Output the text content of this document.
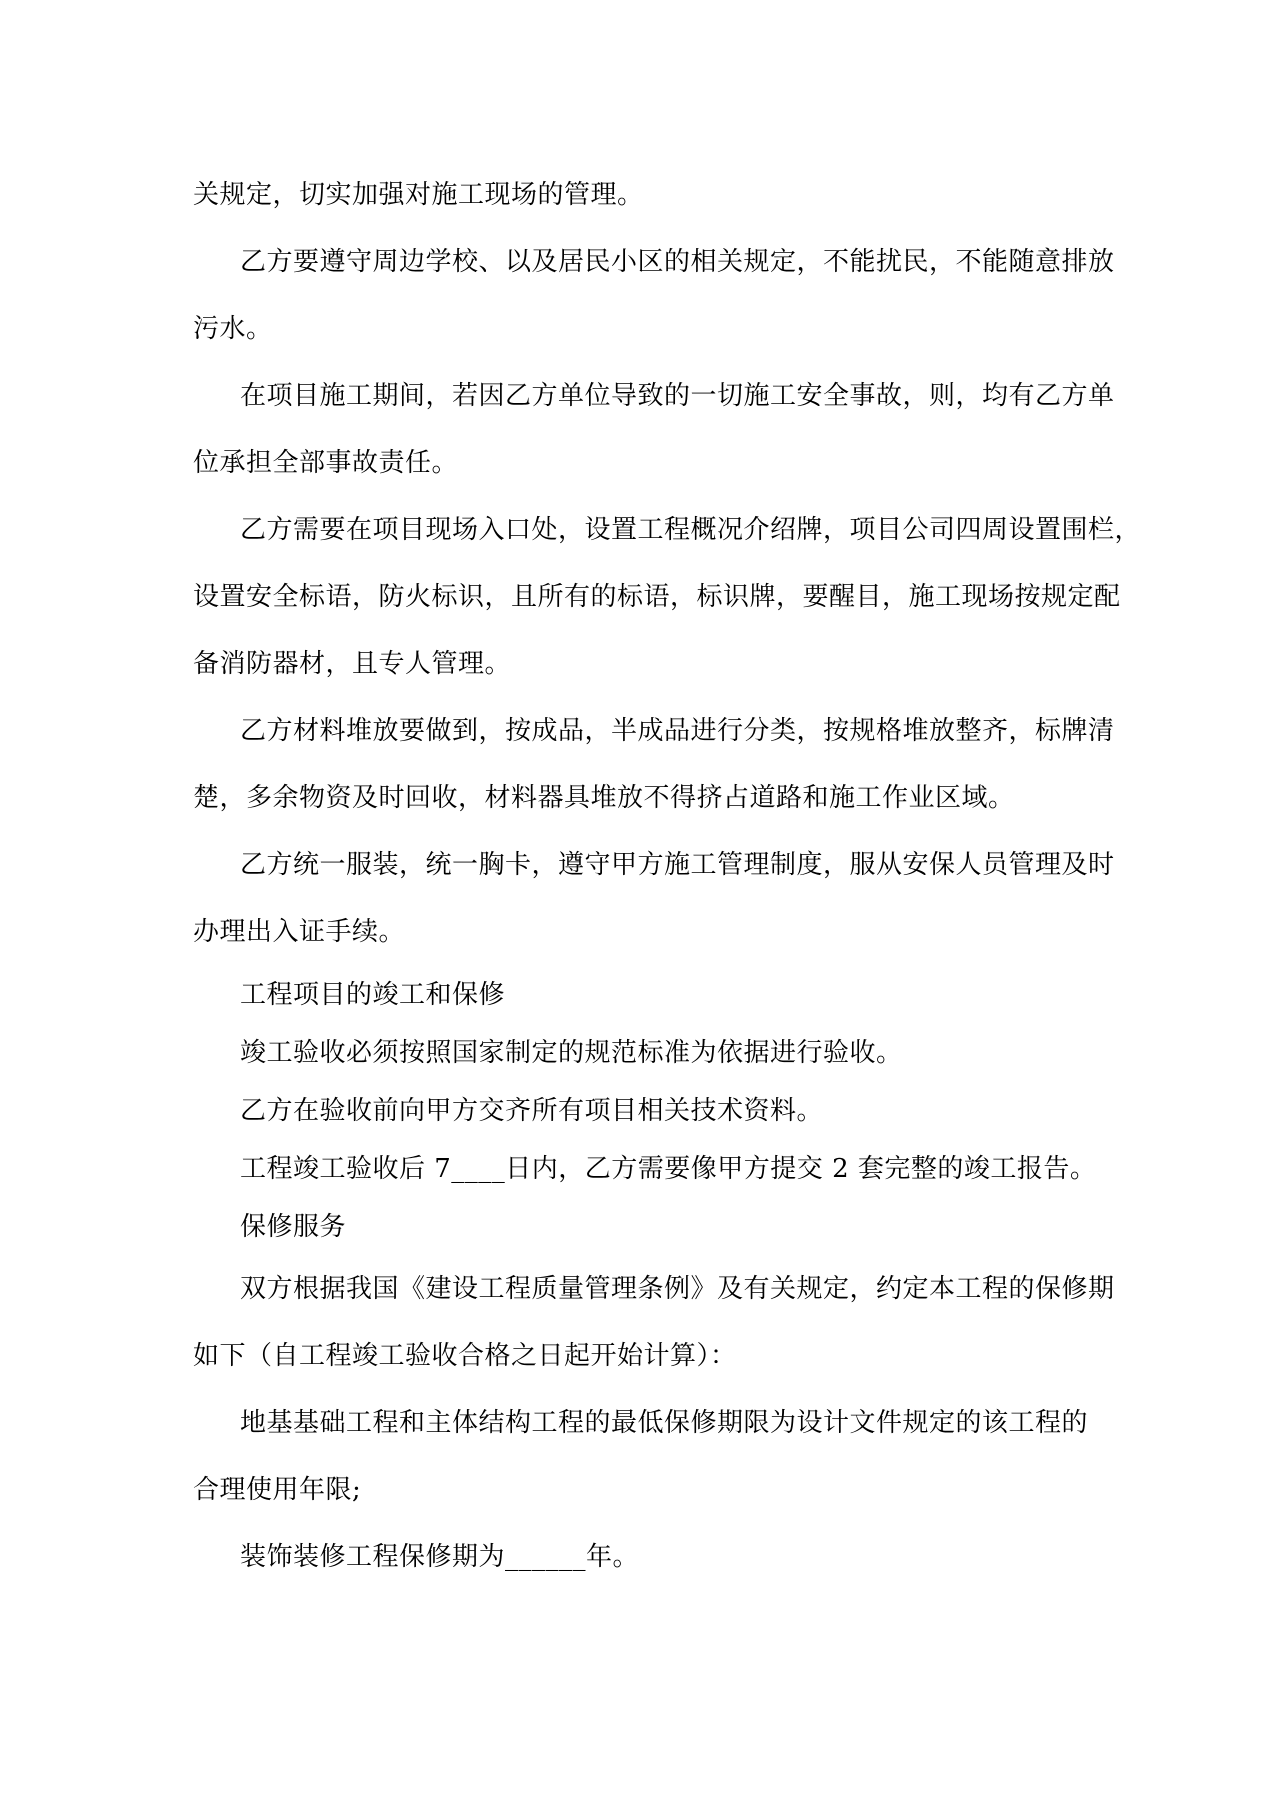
关规定，切实加强对施工现场的管理。
乙方要遵守周边学校、以及居民小区的相关规定，不能扰民，不能随意排放
污水。
在项目施工期间，若因乙方单位导致的一切施工安全事故，则，均有乙方单
位承担全部事故责任。
乙方需要在项目现场入口处，设置工程概况介绍牌，项目公司四周设置围栏，
设置安全标语，防火标识，且所有的标语，标识牌，要醒目，施工现场按规定配
备消防器材，且专人管理。
乙方材料堆放要做到，按成品，半成品进行分类，按规格堆放整齐，标牌清
楚，多余物资及时回收，材料器具堆放不得挤占道路和施工作业区域。
乙方统一服装，统一胸卡，遵守甲方施工管理制度，服从安保人员管理及时
办理出入证手续。
工程项目的竣工和保修
竣工验收必须按照国家制定的规范标准为依据进行验收。
乙方在验收前向甲方交齐所有项目相关技术资料。
工程竣工验收后 7____日内，乙方需要像甲方提交 2 套完整的竣工报告。
保修服务
双方根据我国《建设工程质量管理条例》及有关规定，约定本工程的保修期
如下（自工程竣工验收合格之日起开始计算）：
地基基础工程和主体结构工程的最低保修期限为设计文件规定的该工程的
合理使用年限;
装饰装修工程保修期为______年。
